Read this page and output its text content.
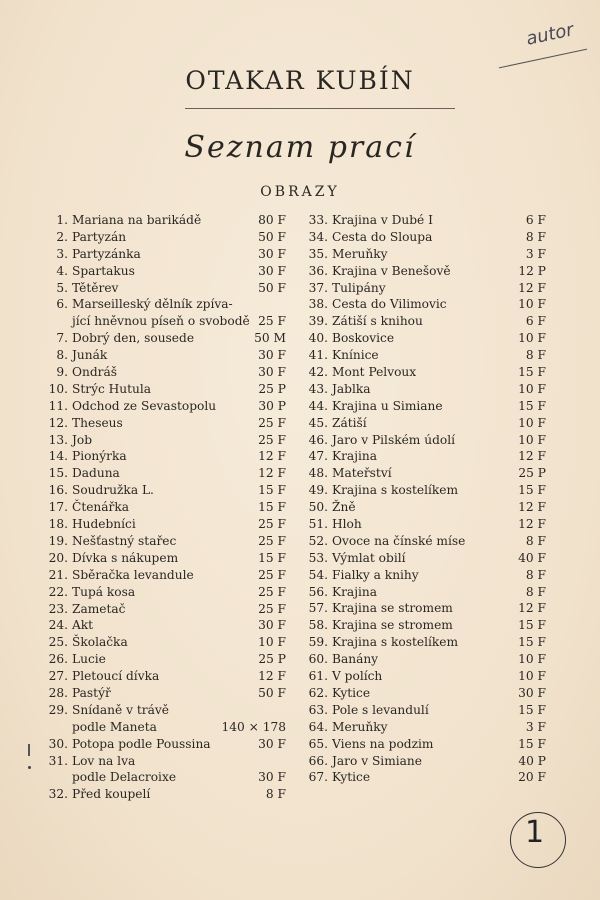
autor
OTAKAR KUBÍN
Seznam prací
OBRAZY
1. Mariana na barikádě	80 F
2. Partyzán	50 F
3. Partyzánka	30 F
4. Spartakus	30 F
5. Tětěrev	50 F
6. Marseilleský dělník zpíva-
jící hněvnou píseň o svobodě 25 F
7. Dobrý den, sousede	50 M
8. Junák	30 F
9. Ondráš	30 F
10. Strýc Hutula	25 P
11. Odchod ze Sevastopolu	30 P
12. Theseus	25 F
13. Job	25 F
14. Pionýrka	12 F
15. Daduna	12 F
16. Soudružka L.	15 F
17. Čtenářka	15 F
18. Hudebníci	25 F
19. Nešťastný stařec	25 F
20. Dívka s nákupem	15 F
21. Sběračka levandule	25 F
22. Tupá kosa	25 F
23. Zametač	25 F
24. Akt	30 F
25. Školačka	10 F
26. Lucie	25 P
27. Pletoucí dívka	12 F
28. Pastýř	50 F
29. Snídaně v trávě
podle Maneta	140 × 178
30. Potopa podle Poussina	30 F
31. Lov na lva
podle Delacroixe	30 F
32. Před koupelí	8 F
33. Krajina v Dubé I	6 F
34. Cesta do Sloupa	8 F
35. Meruňky	3 F
36. Krajina v Benešově	12 P
37. Tulipány	12 F
38. Cesta do Vilimovic	10 F
39. Zátiší s knihou	6 F
40. Boskovice	10 F
41. Knínice	8 F
42. Mont Pelvoux	15 F
43. Jablka	10 F
44. Krajina u Simiane	15 F
45. Zátiší	10 F
46. Jaro v Pilském údolí	10 F
47. Krajina	12 F
48. Mateřství	25 P
49. Krajina s kostelíkem	15 F
50. Žně	12 F
51. Hloh	12 F
52. Ovoce na čínské míse	8 F
53. Výmlat obilí	40 F
54. Fialky a knihy	8 F
56. Krajina	8 F
57. Krajina se stromem	12 F
58. Krajina se stromem	15 F
59. Krajina s kostelíkem	15 F
60. Banány	10 F
61. V polích	10 F
62. Kytice	30 F
63. Pole s levandulí	15 F
64. Meruňky	3 F
65. Viens na podzim	15 F
66. Jaro v Simiane	40 P
67. Kytice	20 F
1
